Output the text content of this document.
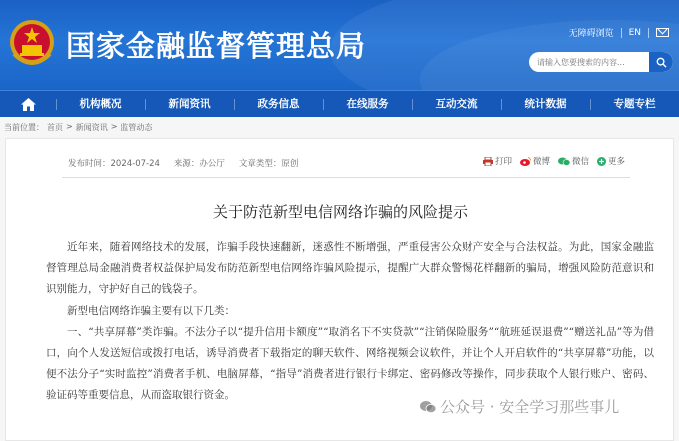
国家金融监督管理总局	无障碍浏览 EN
请输入您要搜索的内容...
机构概况	新闻资讯	政务信息	在线服务	互动交流	统计数据	专题专栏
当前位置： 首页 > 新闻资讯 > 监管动态
发布时间：2024-07-24 来源：办公厅 文章类型：原创	打印 微博	微信 更多
关于防范新型电信网络诈骗的风险提示

近年来，随着网络技术的发展，诈骗手段快速翻新，迷惑性不断增强，严重侵害公众财产安全与合法权益。为此，国家金融监督管理总局金融消费者权益保护局发布防范新型电信网络诈骗风险提示，提醒广大群众警惕花样翻新的骗局，增强风险防范意识和识别能力，守护好自己的钱袋子。

新型电信网络诈骗主要有以下几类：

一、“共享屏幕”类诈骗。不法分子以“提升信用卡额度”“取消名下不实贷款”“注销保险服务”“航班延误退费”“赠送礼品”等为借口，向个人发送短信或拨打电话，诱导消费者下载指定的聊天软件、网络视频会议软件，并让个人开启软件的“共享屏幕”功能，以便不法分子“实时监控”消费者手机、电脑屏幕，“指导”消费者进行银行卡绑定、密码修改等操作，同步获取个人银行账户、密码、验证码等重要信息，从而盗取银行资金。

公众号 · 安全学习那些事儿
